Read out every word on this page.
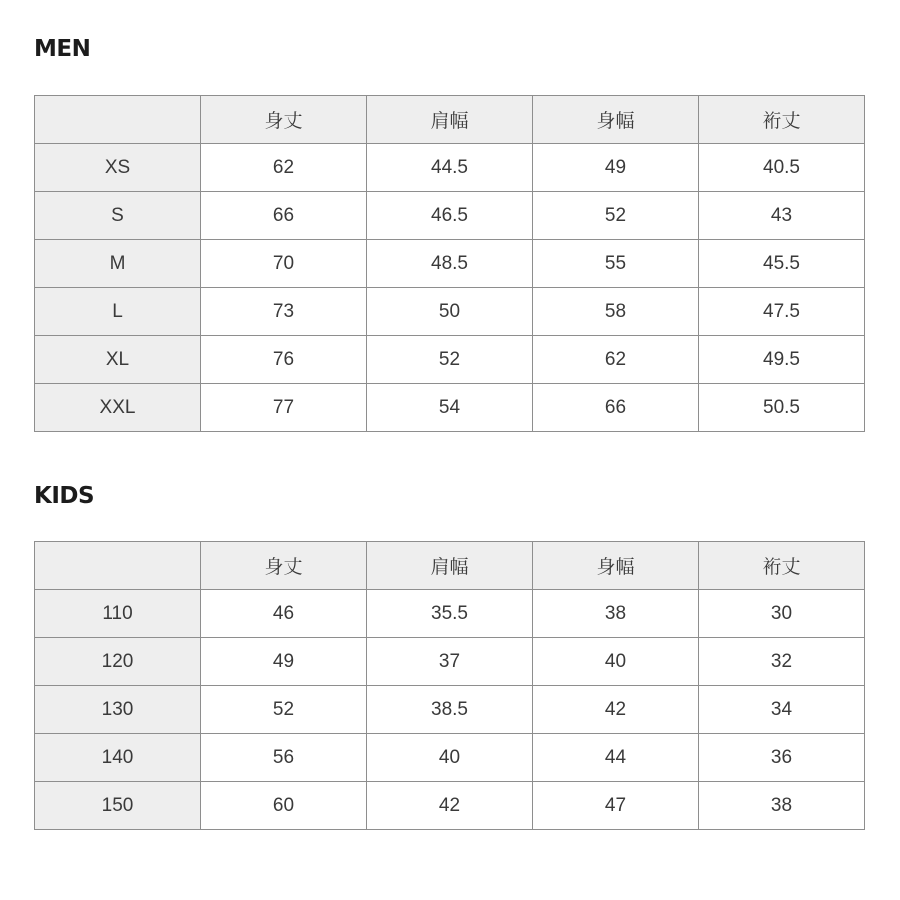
MEN
	身丈	肩幅	身幅	裄丈
XS	62	44.5	49	40.5
S	66	46.5	52	43
M	70	48.5	55	45.5
L	73	50	58	47.5
XL	76	52	62	49.5
XXL	77	54	66	50.5
KIDS
	身丈	肩幅	身幅	裄丈
110	46	35.5	38	30
120	49	37	40	32
130	52	38.5	42	34
140	56	40	44	36
150	60	42	47	38
